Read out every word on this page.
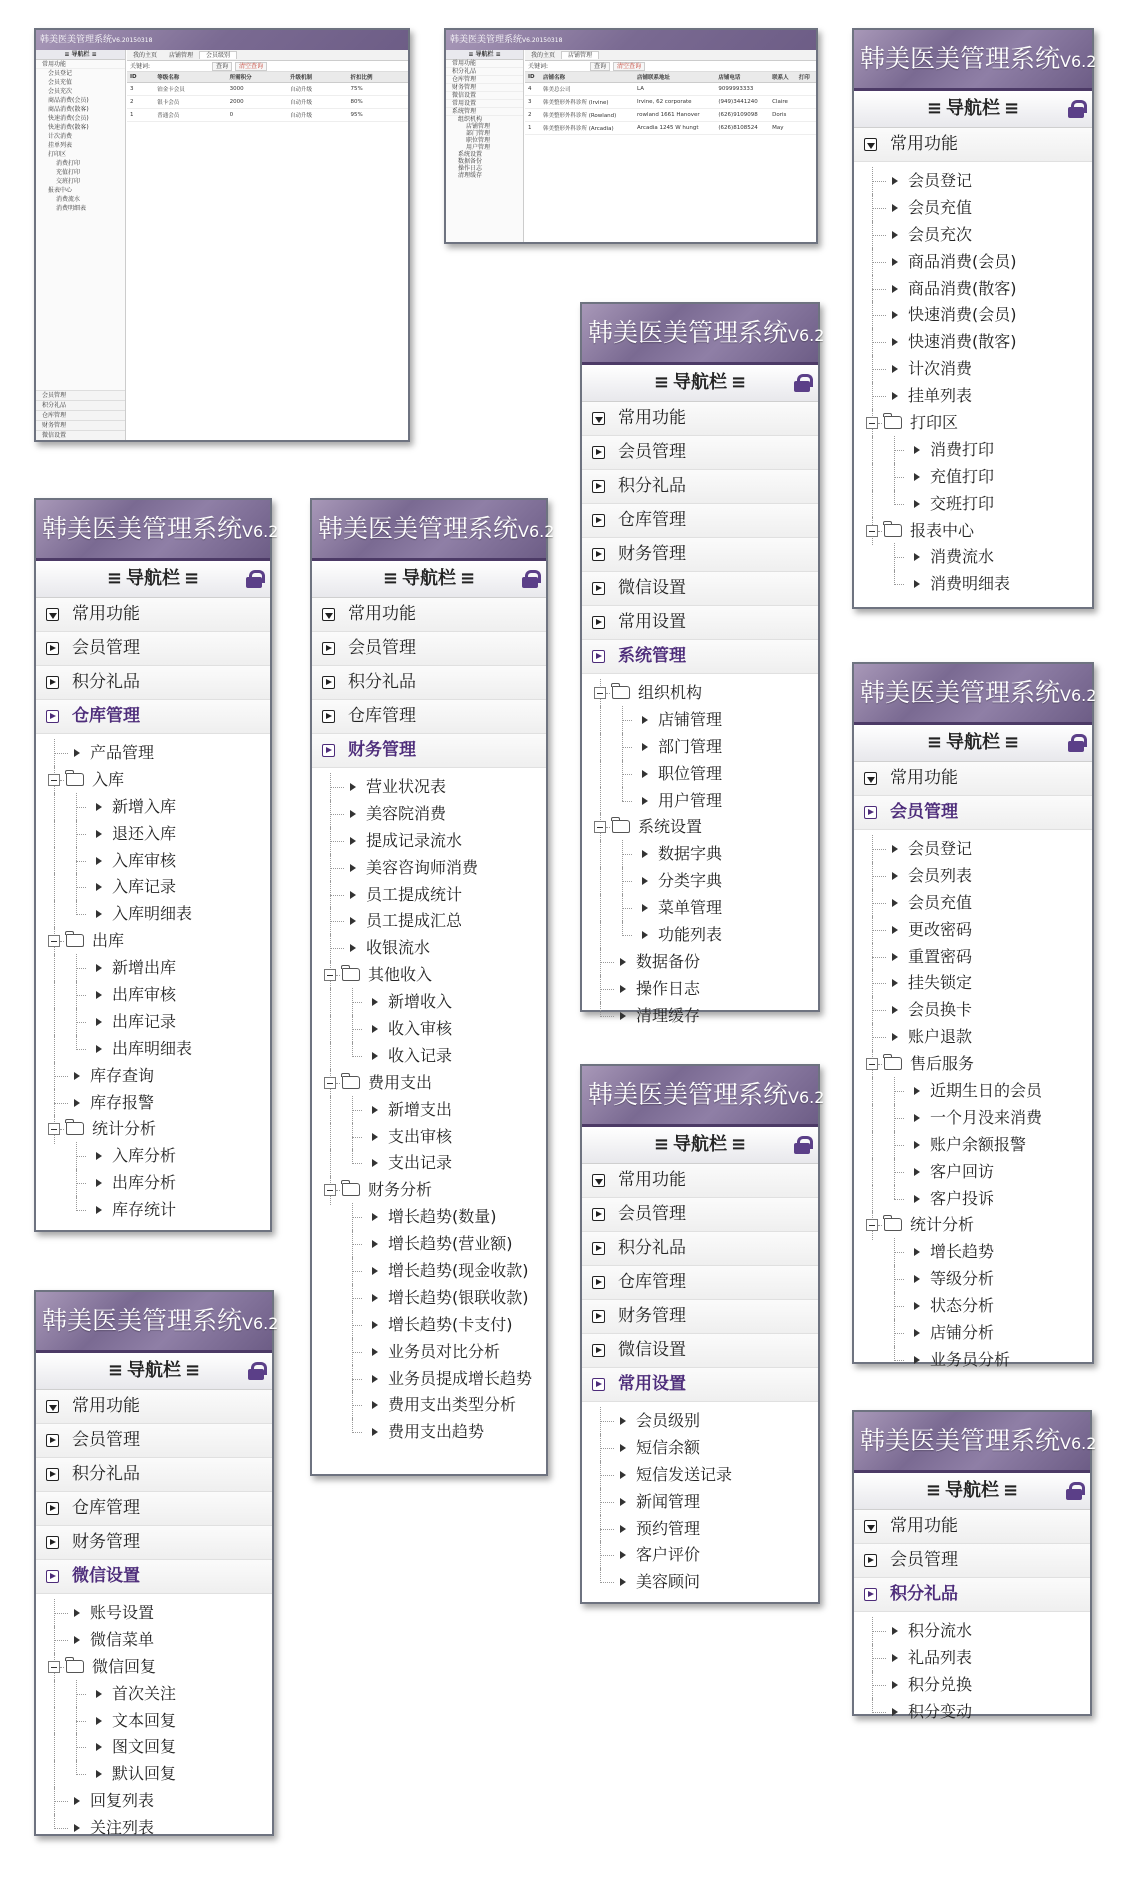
韩美医美管理系统V6.20150318
≡ 导航栏 ≡
常用功能
会员登记
会员充值
会员充次
商品消费(会员)
商品消费(散客)
快速消费(会员)
快速消费(散客)
计次消费
挂单列表
打印区
消费打印
充值打印
交班打印
报表中心
消费流水
消费明细表
会员管理
积分礼品
仓库管理
财务管理
微信设置
我的主页 店铺管理 会员级别
关键词:	查询 清空查询
ID	等级名称	所需积分	升级机制	折扣比例
3	铂金卡会员	3000	自动升级	75%
2	银卡会员	2000	自动升级	80%
1	普通会员	0	自动升级	95%
韩美医美管理系统V6.20150318
≡ 导航栏 ≡
常用功能
积分礼品
仓库管理
财务管理
微信设置
常用设置
系统管理
组织机构
店铺管理
部门管理
职位管理
用户管理
系统设置
数据备份
操作日志
清理缓存
我的主页 店铺管理
关键词:	查询 清空查询
ID	店铺名称	店铺联系地址	店铺电话	联系人	打印
4	韩美总公司	LA	9099993333		
3	韩美整形外科诊所 (Irvine)	Irvine, 62 corporate	(949)3441240	Claire	
2	韩美整形外科诊所 (Rowland)	rowland 1661 Hanover	(626)9109098	Doris	
1	韩美整形外科诊所 (Arcadia)	Arcadia 1245 W hungt	(626)8108524	May	
韩美医美管理系统V6.2
≡ 导航栏 ≡
常用功能
会员登记
会员充值
会员充次
商品消费(会员)
商品消费(散客)
快速消费(会员)
快速消费(散客)
计次消费
挂单列表
打印区
消费打印
充值打印
交班打印
报表中心
消费流水
消费明细表
韩美医美管理系统V6.2
≡ 导航栏 ≡
常用功能
会员管理
积分礼品
仓库管理
财务管理
微信设置
常用设置
系统管理
组织机构
店铺管理
部门管理
职位管理
用户管理
系统设置
数据字典
分类字典
菜单管理
功能列表
数据备份
操作日志
清理缓存
韩美医美管理系统V6.2
≡ 导航栏 ≡
常用功能
会员管理
会员登记
会员列表
会员充值
更改密码
重置密码
挂失锁定
会员换卡
账户退款
售后服务
近期生日的会员
一个月没来消费
账户余额报警
客户回访
客户投诉
统计分析
增长趋势
等级分析
状态分析
店铺分析
业务员分析
韩美医美管理系统V6.2
≡ 导航栏 ≡
常用功能
会员管理
积分礼品
仓库管理
产品管理
入库
新增入库
退还入库
入库审核
入库记录
入库明细表
出库
新增出库
出库审核
出库记录
出库明细表
库存查询
库存报警
统计分析
入库分析
出库分析
库存统计
韩美医美管理系统V6.2
≡ 导航栏 ≡
常用功能
会员管理
积分礼品
仓库管理
财务管理
营业状况表
美容院消费
提成记录流水
美容咨询师消费
员工提成统计
员工提成汇总
收银流水
其他收入
新增收入
收入审核
收入记录
费用支出
新增支出
支出审核
支出记录
财务分析
增长趋势(数量)
增长趋势(营业额)
增长趋势(现金收款)
增长趋势(银联收款)
增长趋势(卡支付)
业务员对比分析
业务员提成增长趋势
费用支出类型分析
费用支出趋势
韩美医美管理系统V6.2
≡ 导航栏 ≡
常用功能
会员管理
积分礼品
仓库管理
财务管理
微信设置
常用设置
会员级别
短信余额
短信发送记录
新闻管理
预约管理
客户评价
美容顾问
韩美医美管理系统V6.2
≡ 导航栏 ≡
常用功能
会员管理
积分礼品
仓库管理
财务管理
微信设置
账号设置
微信菜单
微信回复
首次关注
文本回复
图文回复
默认回复
回复列表
关注列表
韩美医美管理系统V6.2
≡ 导航栏 ≡
常用功能
会员管理
积分礼品
积分流水
礼品列表
积分兑换
积分变动
